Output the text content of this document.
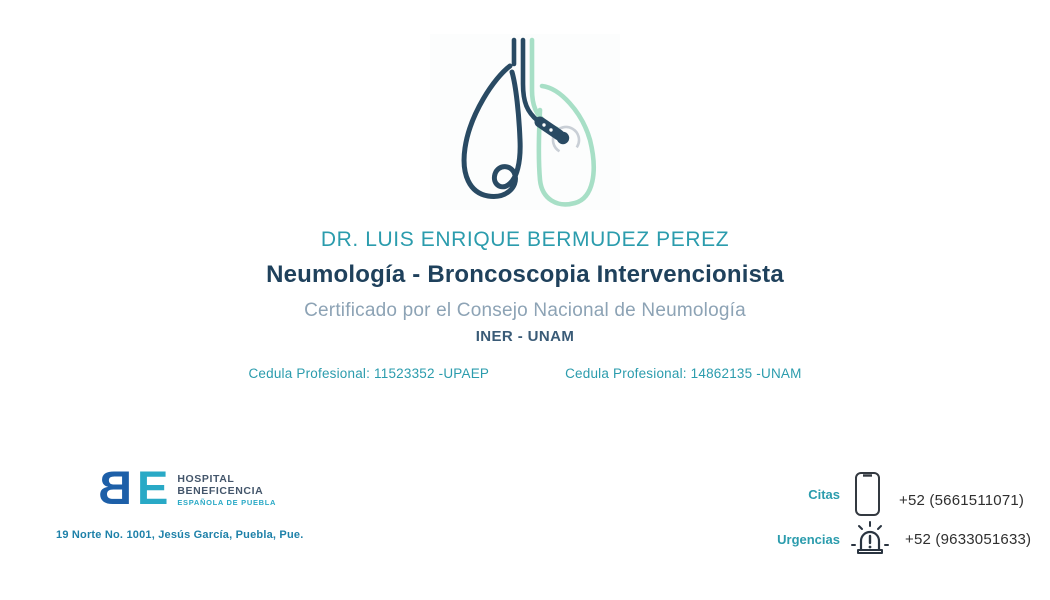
DR. LUIS ENRIQUE BERMUDEZ PEREZ
Neumología - Broncoscopia Intervencionista
Certificado por el Consejo Nacional de Neumología
INER - UNAM
Cedula Profesional: 11523352 -UPAEP	Cedula Profesional: 14862135 -UNAM
B E HOSPITAL
BENEFICENCIA
ESPAÑOLA DE PUEBLA
19 Norte No. 1001, Jesús García, Puebla, Pue.
Citas	+52 (5661511071)
Urgencias	+52 (9633051633)
